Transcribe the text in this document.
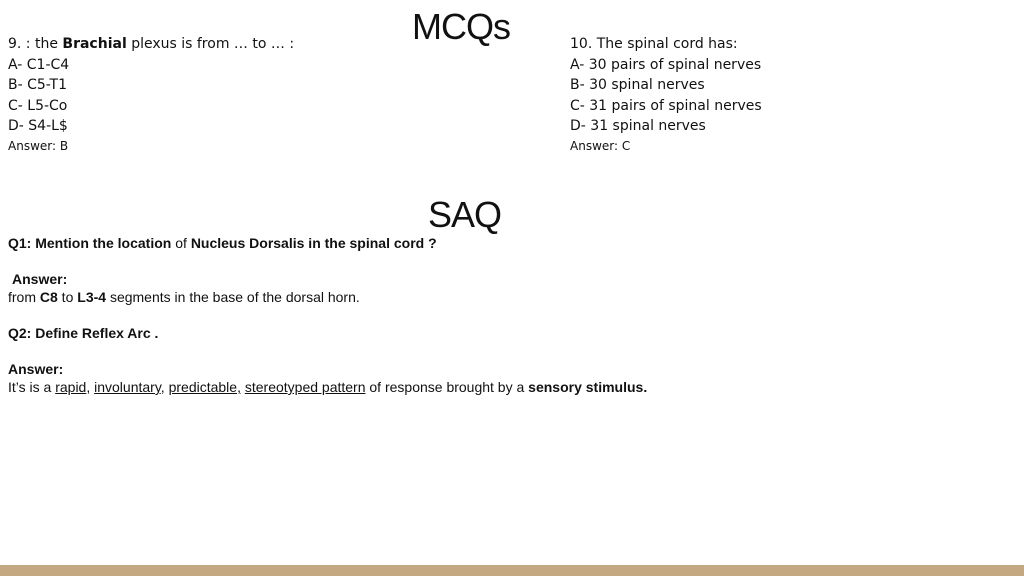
MCQs
9. : the Brachial plexus is from … to … :
A- C1-C4
B- C5-T1
C- L5-Co
D- S4-L$
Answer: B
10. The spinal cord has:
A- 30 pairs of spinal nerves
B- 30 spinal nerves
C- 31 pairs of spinal nerves
D- 31 spinal nerves
Answer: C
SAQ
Q1: Mention the location of Nucleus Dorsalis in the spinal cord ?
Answer:
from C8 to L3-4 segments in the base of the dorsal horn.
Q2: Define Reflex Arc .
Answer:
It’s is a rapid, involuntary, predictable, stereotyped pattern of response brought by a sensory stimulus.
